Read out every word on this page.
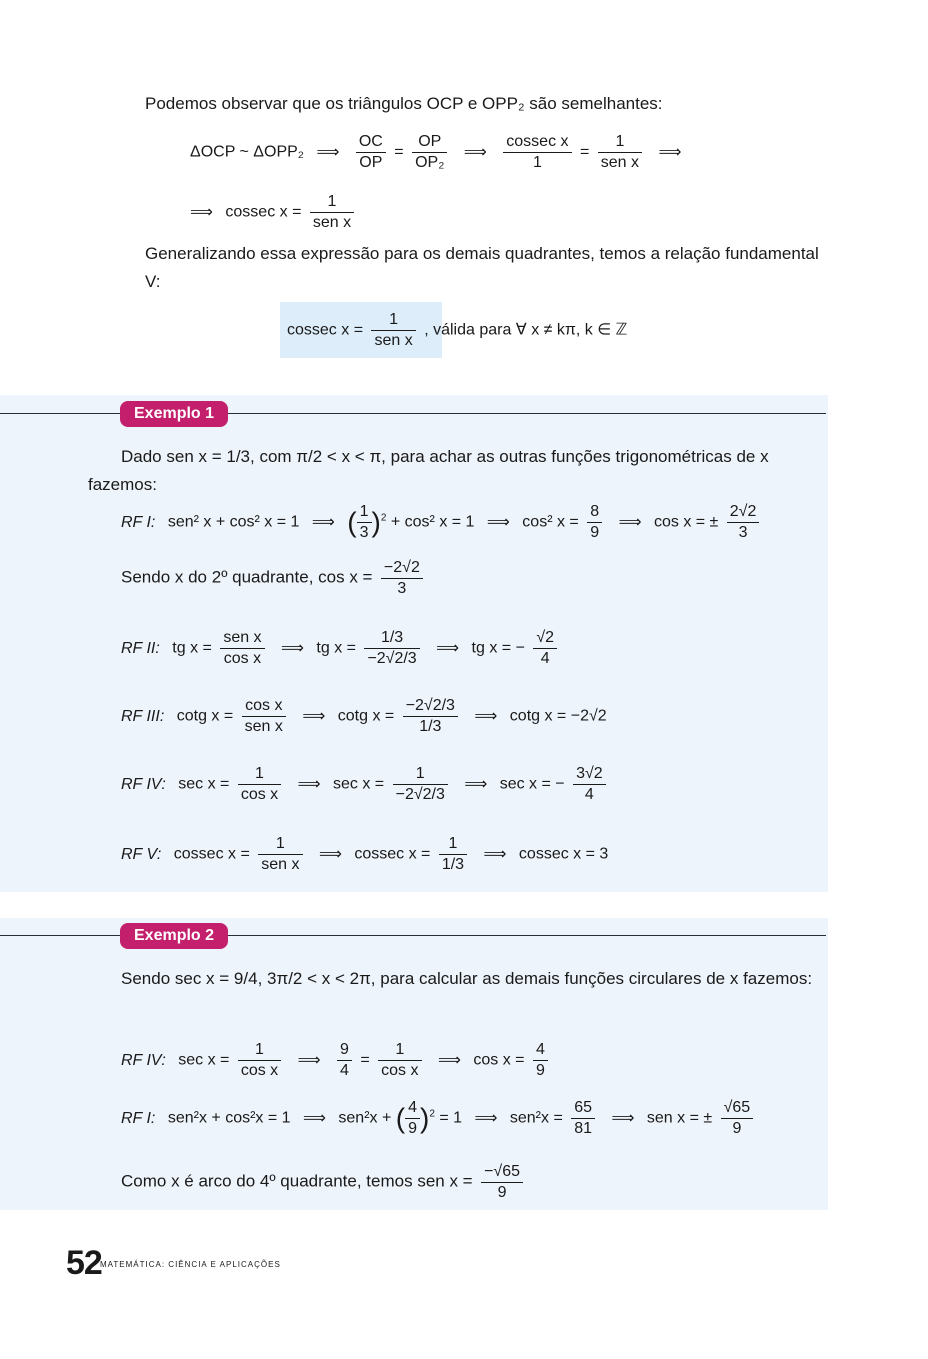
Podemos observar que os triângulos OCP e OPP₂ são semelhantes:
ΔOCP ~ ΔOPP₂ ⟹ $\frac{OC}{OP} = \frac{OP}{\text{OP₂}}$ ⟹ $\frac{\text{cossec x}}{1} = \frac{1}{\text{sen x}}$ ⟹
⟹ cossec $x = \frac{1}{\text{sen x}}$
Generalizando essa expressão para os demais quadrantes, temos a relação fundamental V:
cossec $x = \frac{1}{\text{sen x}}$ , válida para ∀ x ≠ kπ, k ∈ ℤ
Exemplo 1
Dado sen x = 1/3, com π/2 < x < π, para achar as outras funções trigonométricas de x fazemos:
RF I: sen² x + cos² x = 1 ⟹ ( $\frac{1}{3} )^2 + \cos^2$ x = 1 ⟹ cos² $x = \frac{8}{9}$ ⟹ cos x = ± $\frac{2√2}{3}$
Sendo x do 2º quadrante, $\cos x = \frac{-2√2}{3}$
RF II: tg $x = \frac{\text{sen x}}{\text{cos x}}$ ⟹ tg $x = \frac{1/3}{-2√2/3}$ ⟹ tg x = − $\frac{√2}{4}$
RF III: cotg $x = \frac{\text{cos x}}{\text{sen x}}$ ⟹ cotg $x = \frac{-2√2/3}{1/3}$ ⟹ cotg x = −2√2
RF IV: $\sec x = \frac{1}{\text{cos x}}$ ⟹ $\sec x = \frac{1}{-2√2/3}$ ⟹ sec x = − $\frac{3√2}{4}$
RF V: cossec $x = \frac{1}{\text{sen x}}$ ⟹ cossec $x = \frac{1}{1/3}$ ⟹ cossec x = 3
Exemplo 2
Sendo sec x = 9/4, 3π/2 < x < 2π, para calcular as demais funções circulares de x fazemos:
RF IV: $\sec x = \frac{1}{\text{cos x}}$ ⟹ $\frac{9}{4} = \frac{1}{\text{cos x}}$ ⟹ $\cos x = \frac{4}{9}$
RF I: sen²x + cos²x = 1 ⟹ sen²x + ( $\frac{4}{9} )^2 = 1$ ⟹ $sen^2x = \frac{65}{81}$ ⟹ sen x = ± $\frac{√65}{9}$
Como x é arco do 4º quadrante, temos sen $x = \frac{-√65}{9}$
52
MATEMÁTICA: CIÊNCIA E APLICAÇÕES
